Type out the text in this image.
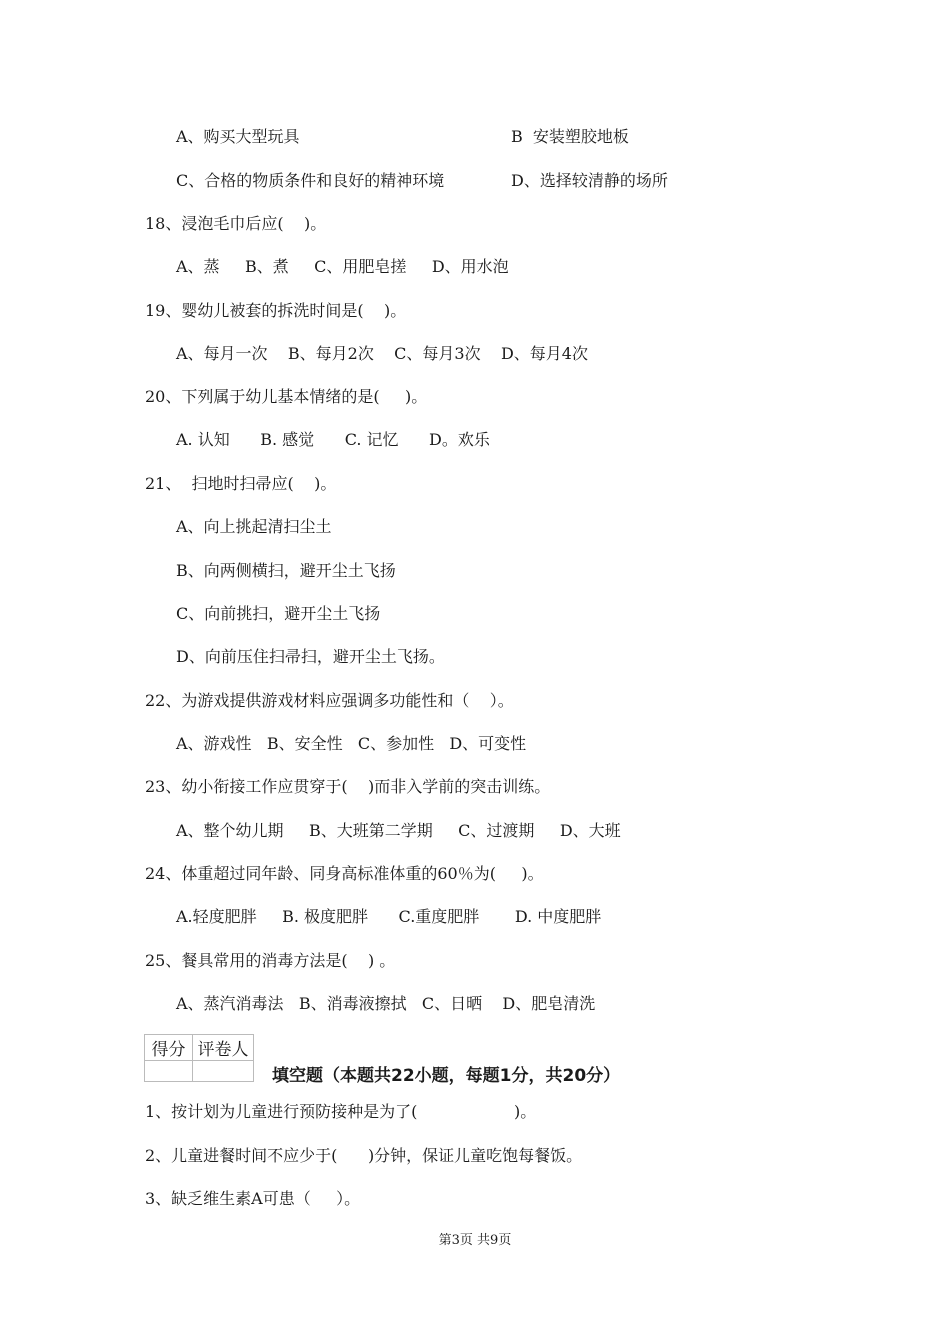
A、购买大型玩具	B  安装塑胶地板
C、合格的物质条件和良好的精神环境	D、选择较清静的场所
18、浸泡毛巾后应(    )。
A、蒸     B、煮     C、用肥皂搓     D、用水泡
19、婴幼儿被套的拆洗时间是(    )。
A、每月一次    B、每月2次    C、每月3次    D、每月4次
20、下列属于幼儿基本情绪的是(     )。
A. 认知      B. 感觉      C. 记忆      D。欢乐
21、  扫地时扫帚应(    )。
A、向上挑起清扫尘土
B、向两侧横扫，避开尘土飞扬
C、向前挑扫，避开尘土飞扬
D、向前压住扫帚扫，避开尘土飞扬。
22、为游戏提供游戏材料应强调多功能性和（    ）。
A、游戏性   B、安全性   C、参加性   D、可变性
23、幼小衔接工作应贯穿于(    )而非入学前的突击训练。
A、整个幼儿期     B、大班第二学期     C、过渡期     D、大班
24、体重超过同年龄、同身高标准体重的60％为(     )。
A.轻度肥胖     B. 极度肥胖      C.重度肥胖       D. 中度肥胖
25、餐具常用的消毒方法是(    ) 。
A、蒸汽消毒法   B、消毒液擦拭   C、日晒    D、肥皂清洗
1、按计划为儿童进行预防接种是为了(                   )。
2、儿童进餐时间不应少于(      )分钟，保证儿童吃饱每餐饭。
3、缺乏维生素A可患（     ）。
得分	评卷人

填空题（本题共22小题，每题1分，共20分）
第3页 共9页
